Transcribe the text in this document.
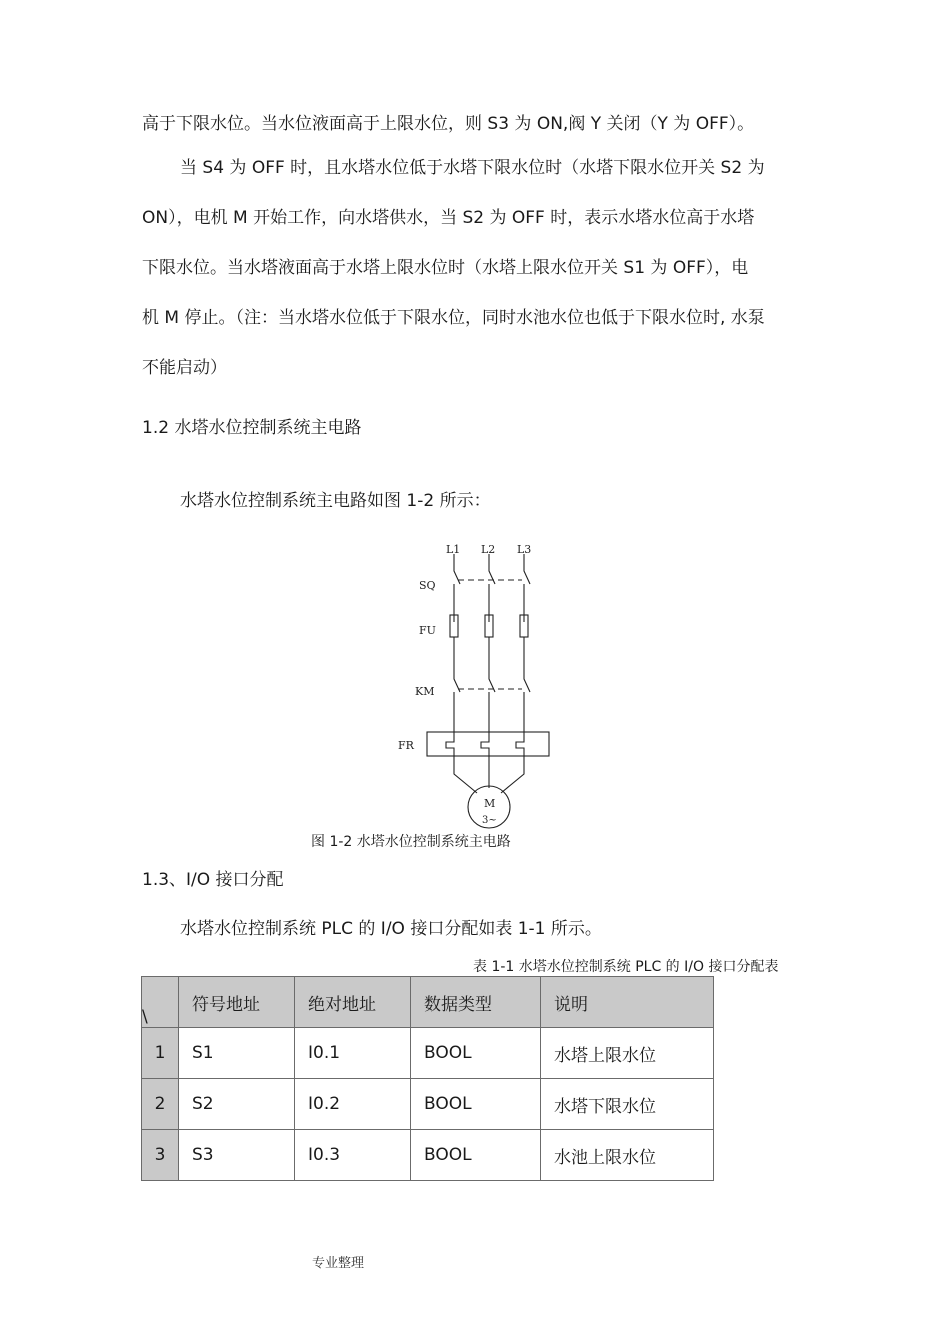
高于下限水位。当水位液面高于上限水位，则 S3 为 ON,阀 Y 关闭（Y 为 OFF）。
当 S4 为 OFF 时，且水塔水位低于水塔下限水位时（水塔下限水位开关 S2 为
ON），电机 M 开始工作，向水塔供水，当 S2 为 OFF 时，表示水塔水位高于水塔
下限水位。当水塔液面高于水塔上限水位时（水塔上限水位开关 S1 为 OFF），电
机 M 停止。（注：当水塔水位低于下限水位，同时水池水位也低于下限水位时, 水泵
不能启动）
1.2 水塔水位控制系统主电路
水塔水位控制系统主电路如图 1-2 所示：
L1 L2 L3
SQ
FU
KM
FR
M
3~
图 1-2 水塔水位控制系统主电路
1.3、I/O 接口分配
水塔水位控制系统 PLC 的 I/O 接口分配如表 1-1 所示。
表 1-1 水塔水位控制系统 PLC 的 I/O 接口分配表
\	符号地址	绝对地址	数据类型	说明
1	S1	I0.1	BOOL	水塔上限水位
2	S2	I0.2	BOOL	水塔下限水位
3	S3	I0.3	BOOL	水池上限水位
专业整理
